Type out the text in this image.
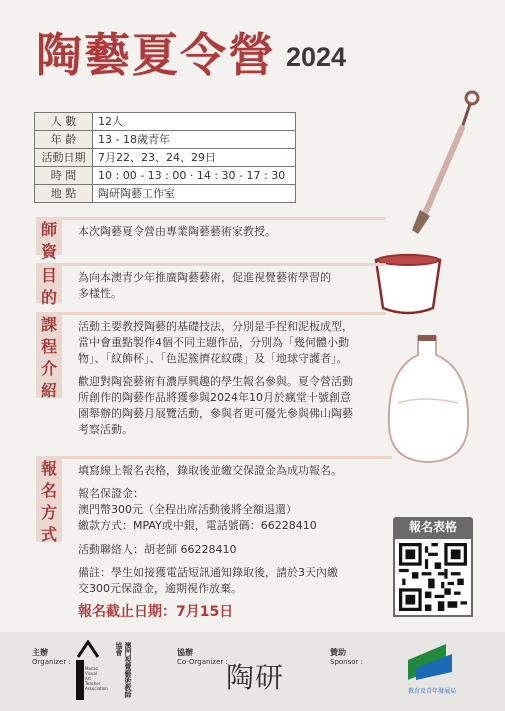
陶藝夏令營 2024
人 數	12人
年 齡	13 - 18歲青年
活動日期	7月22、23、24、29日
時 間	10 : 00 - 13 : 00 · 14 : 30 - 17 : 30
地 點	陶研陶藝工作室
師
資

本次陶藝夏令營由專業陶藝藝術家教授。

目
的

為向本澳青少年推廣陶藝藝術，促進視覺藝術學習的多樣性。

課
程
介
紹

活動主要教授陶藝的基礎技法，分別是手捏和泥板成型，當中會重點製作4個不同主題作品，分別為「幾何體小動物」、「紋飾杯」、「色泥簇擠花紋碟」及「地球守護者」。

歡迎對陶瓷藝術有濃厚興趣的學生報名參與。夏令營活動所創作的陶藝作品將獲參與2024年10月於瘋堂十號創意園舉辦的陶藝月展覽活動，參與者更可優先參與佛山陶藝考察活動。

報
名
方
式

填寫線上報名表格，錄取後並繳交保證金為成功報名。

報名保證金：
澳門幣300元（全程出席活動後將全額退還）
繳款方式：MPAY或中銀，電話號碼：66228410

活動聯絡人：胡老師 66228410

備註：學生如接獲電話短訊通知錄取後，請於3天內繳交300元保證金，逾期視作放棄。

報名截止日期：7月15日

報名表格
主辦
Organizer :	澳門視覺藝術教師協會
Macao Visual Art Teacher Association
協辦
Co-Organizer :
陶研
贊助
Sponsor :
教育及青年發展局
